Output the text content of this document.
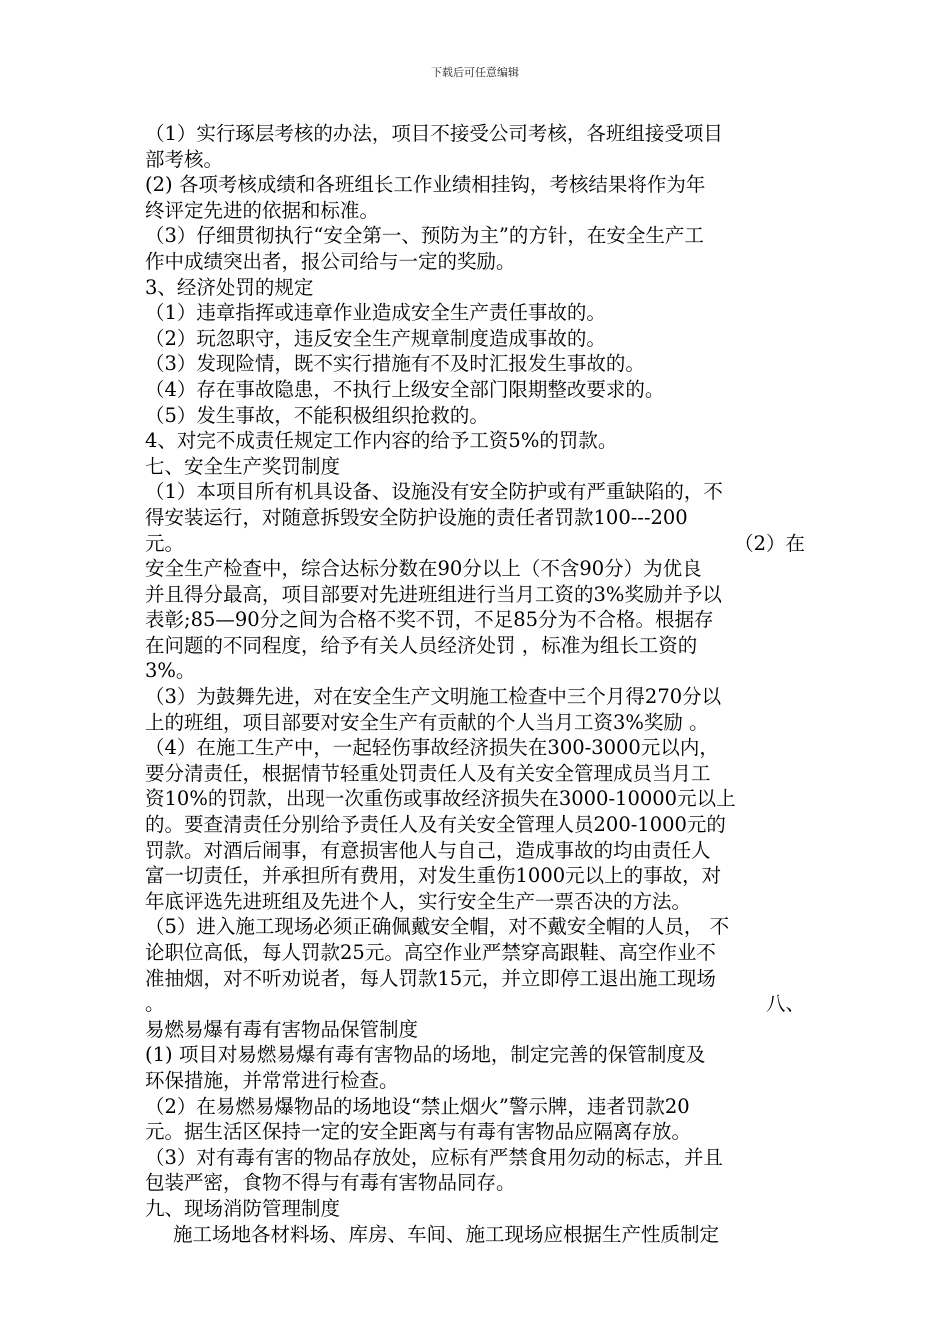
下载后可任意编辑
（1）实行琢层考核的办法，项目不接受公司考核，各班组接受项目
部考核。
(2) 各项考核成绩和各班组长工作业绩相挂钩，考核结果将作为年
终评定先进的依据和标准。
（3）仔细贯彻执行“安全第一、预防为主”的方针，在安全生产工
作中成绩突出者，报公司给与一定的奖励。
3、经济处罚的规定
（1）违章指挥或违章作业造成安全生产责任事故的。
（2）玩忽职守，违反安全生产规章制度造成事故的。
（3）发现险情，既不实行措施有不及时汇报发生事故的。
（4）存在事故隐患，不执行上级安全部门限期整改要求的。
（5）发生事故，不能积极组织抢救的。
4、对完不成责任规定工作内容的给予工资5%的罚款。
七、安全生产奖罚制度
（1）本项目所有机具设备、设施没有安全防护或有严重缺陷的，不
得安装运行，对随意拆毁安全防护设施的责任者罚款100---200
元。	（2）在
安全生产检查中，综合达标分数在90分以上（不含90分）为优良
并且得分最高，项目部要对先进班组进行当月工资的3%奖励并予以
表彰;85—90分之间为合格不奖不罚，不足85分为不合格。根据存
在问题的不同程度，给予有关人员经济处罚 ，标准为组长工资的
3%。
（3）为鼓舞先进，对在安全生产文明施工检查中三个月得270分以
上的班组，项目部要对安全生产有贡献的个人当月工资3%奖励 。
（4）在施工生产中，一起轻伤事故经济损失在300-3000元以内，
要分清责任，根据情节轻重处罚责任人及有关安全管理成员当月工
资10%的罚款，出现一次重伤或事故经济损失在3000-10000元以上
的。要查清责任分别给予责任人及有关安全管理人员200-1000元的
罚款。对酒后闹事，有意损害他人与自己，造成事故的均由责任人
富一切责任，并承担所有费用，对发生重伤1000元以上的事故，对
年底评选先进班组及先进个人，实行安全生产一票否决的方法。
（5）进入施工现场必须正确佩戴安全帽，对不戴安全帽的人员， 不
论职位高低，每人罚款25元。高空作业严禁穿高跟鞋、高空作业不
准抽烟，对不听劝说者，每人罚款15元，并立即停工退出施工现场
。	八、
易燃易爆有毒有害物品保管制度
(1) 项目对易燃易爆有毒有害物品的场地，制定完善的保管制度及
环保措施，并常常进行检查。
（2）在易燃易爆物品的场地设“禁止烟火”警示牌，违者罚款20
元。据生活区保持一定的安全距离与有毒有害物品应隔离存放。
（3）对有毒有害的物品存放处，应标有严禁食用勿动的标志，并且
包装严密，食物不得与有毒有害物品同存。
九、现场消防管理制度
施工场地各材料场、库房、车间、施工现场应根据生产性质制定
